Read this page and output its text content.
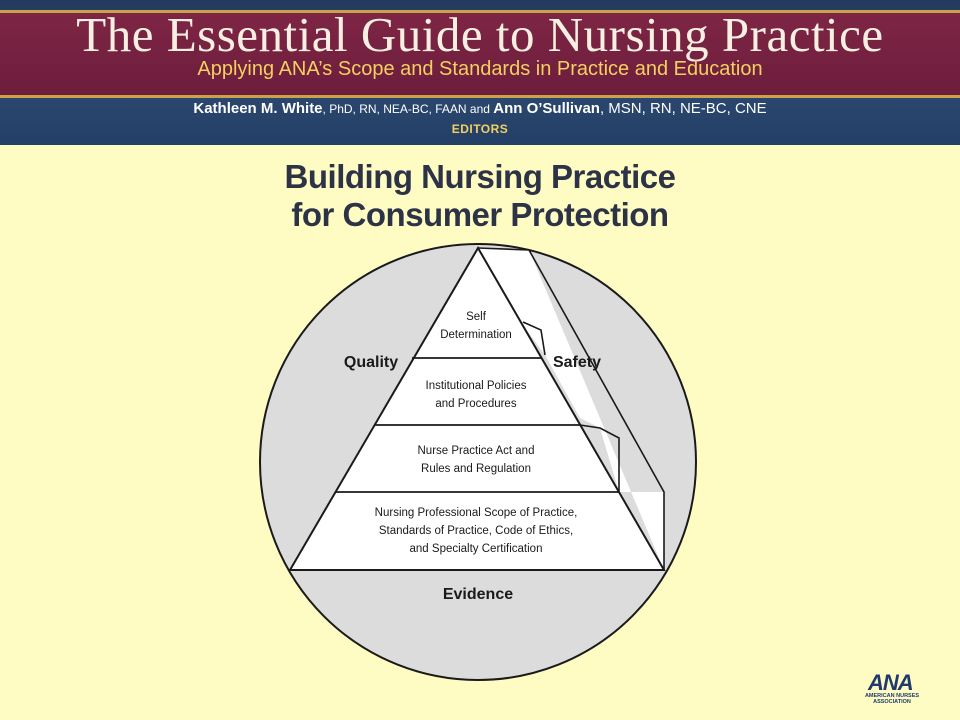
The Essential Guide to Nursing Practice
Applying ANA’s Scope and Standards in Practice and Education
Kathleen M. White, PhD, RN, NEA-BC, FAAN and Ann O’Sullivan, MSN, RN, NE-BC, CNE
EDITORS
Building Nursing Practice
for Consumer Protection
Self
Determination
Institutional Policies
and Procedures
Nurse Practice Act and
Rules and Regulation
Nursing Professional Scope of Practice,
Standards of Practice, Code of Ethics,
and Specialty Certification
Quality	Safety
Evidence
ANA
AMERICAN NURSES
ASSOCIATION
